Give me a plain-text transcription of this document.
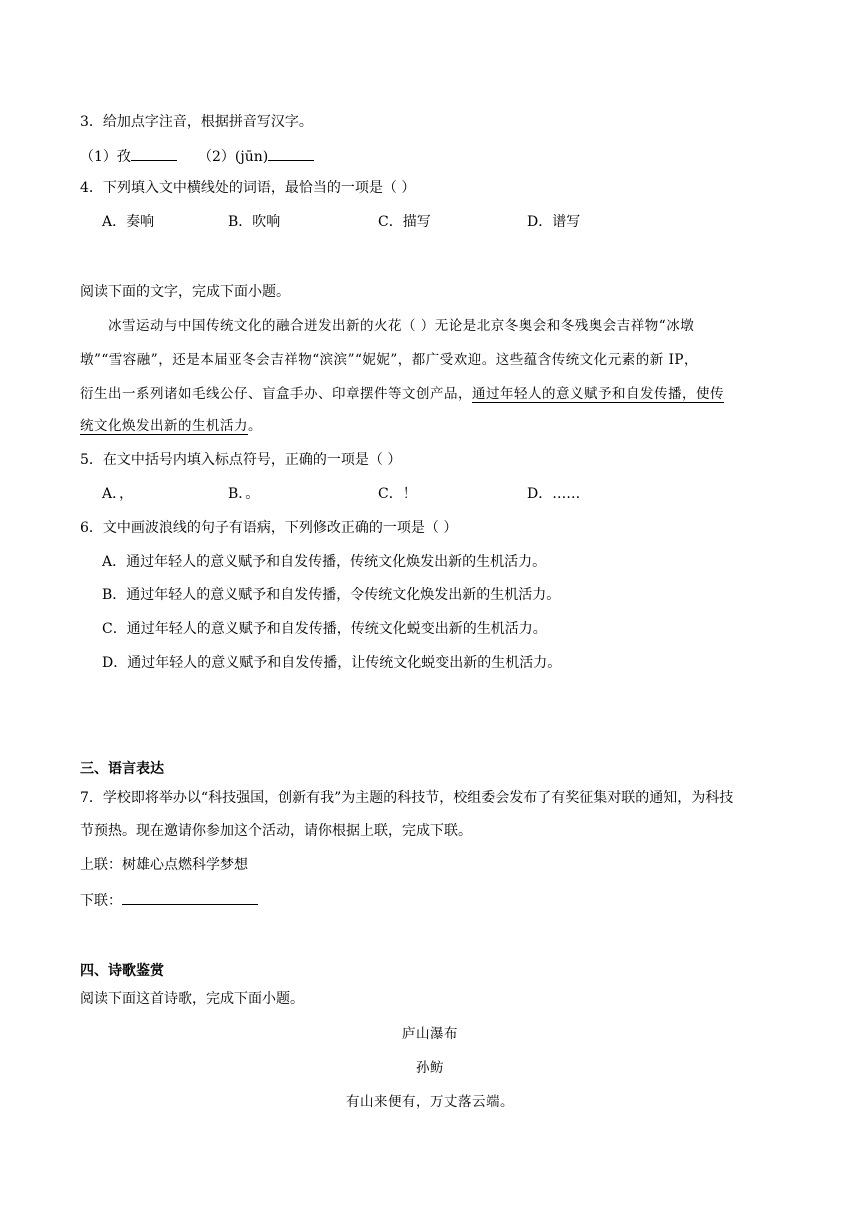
3．给加点字注音，根据拼音写汉字。
（1）孜	（2）(jūn)
4．下列填入文中横线处的词语，最恰当的一项是（ ）
A．奏响	B．吹响	C．描写	D．谱写
阅读下面的文字，完成下面小题。
冰雪运动与中国传统文化的融合迸发出新的火花（ ）无论是北京冬奥会和冬残奥会吉祥物“冰墩
墩”“雪容融”，还是本届亚冬会吉祥物“滨滨”“妮妮”，都广受欢迎。这些蕴含传统文化元素的新 IP，
衍生出一系列诸如毛线公仔、盲盒手办、印章摆件等文创产品，通过年轻人的意义赋予和自发传播，使传
统文化焕发出新的生机活力。
5．在文中括号内填入标点符号，正确的一项是（ ）
A．，	B．。	C．！	D．……
6．文中画波浪线的句子有语病，下列修改正确的一项是（ ）
A．通过年轻人的意义赋予和自发传播，传统文化焕发出新的生机活力。
B．通过年轻人的意义赋予和自发传播，令传统文化焕发出新的生机活力。
C．通过年轻人的意义赋予和自发传播，传统文化蜕变出新的生机活力。
D．通过年轻人的意义赋予和自发传播，让传统文化蜕变出新的生机活力。
三、语言表达
7．学校即将举办以“科技强国，创新有我”为主题的科技节，校组委会发布了有奖征集对联的通知，为科技
节预热。现在邀请你参加这个活动，请你根据上联，完成下联。
上联：树雄心点燃科学梦想
下联：
四、诗歌鉴赏
阅读下面这首诗歌，完成下面小题。
庐山瀑布
孙鲂
有山来便有，万丈落云端。
